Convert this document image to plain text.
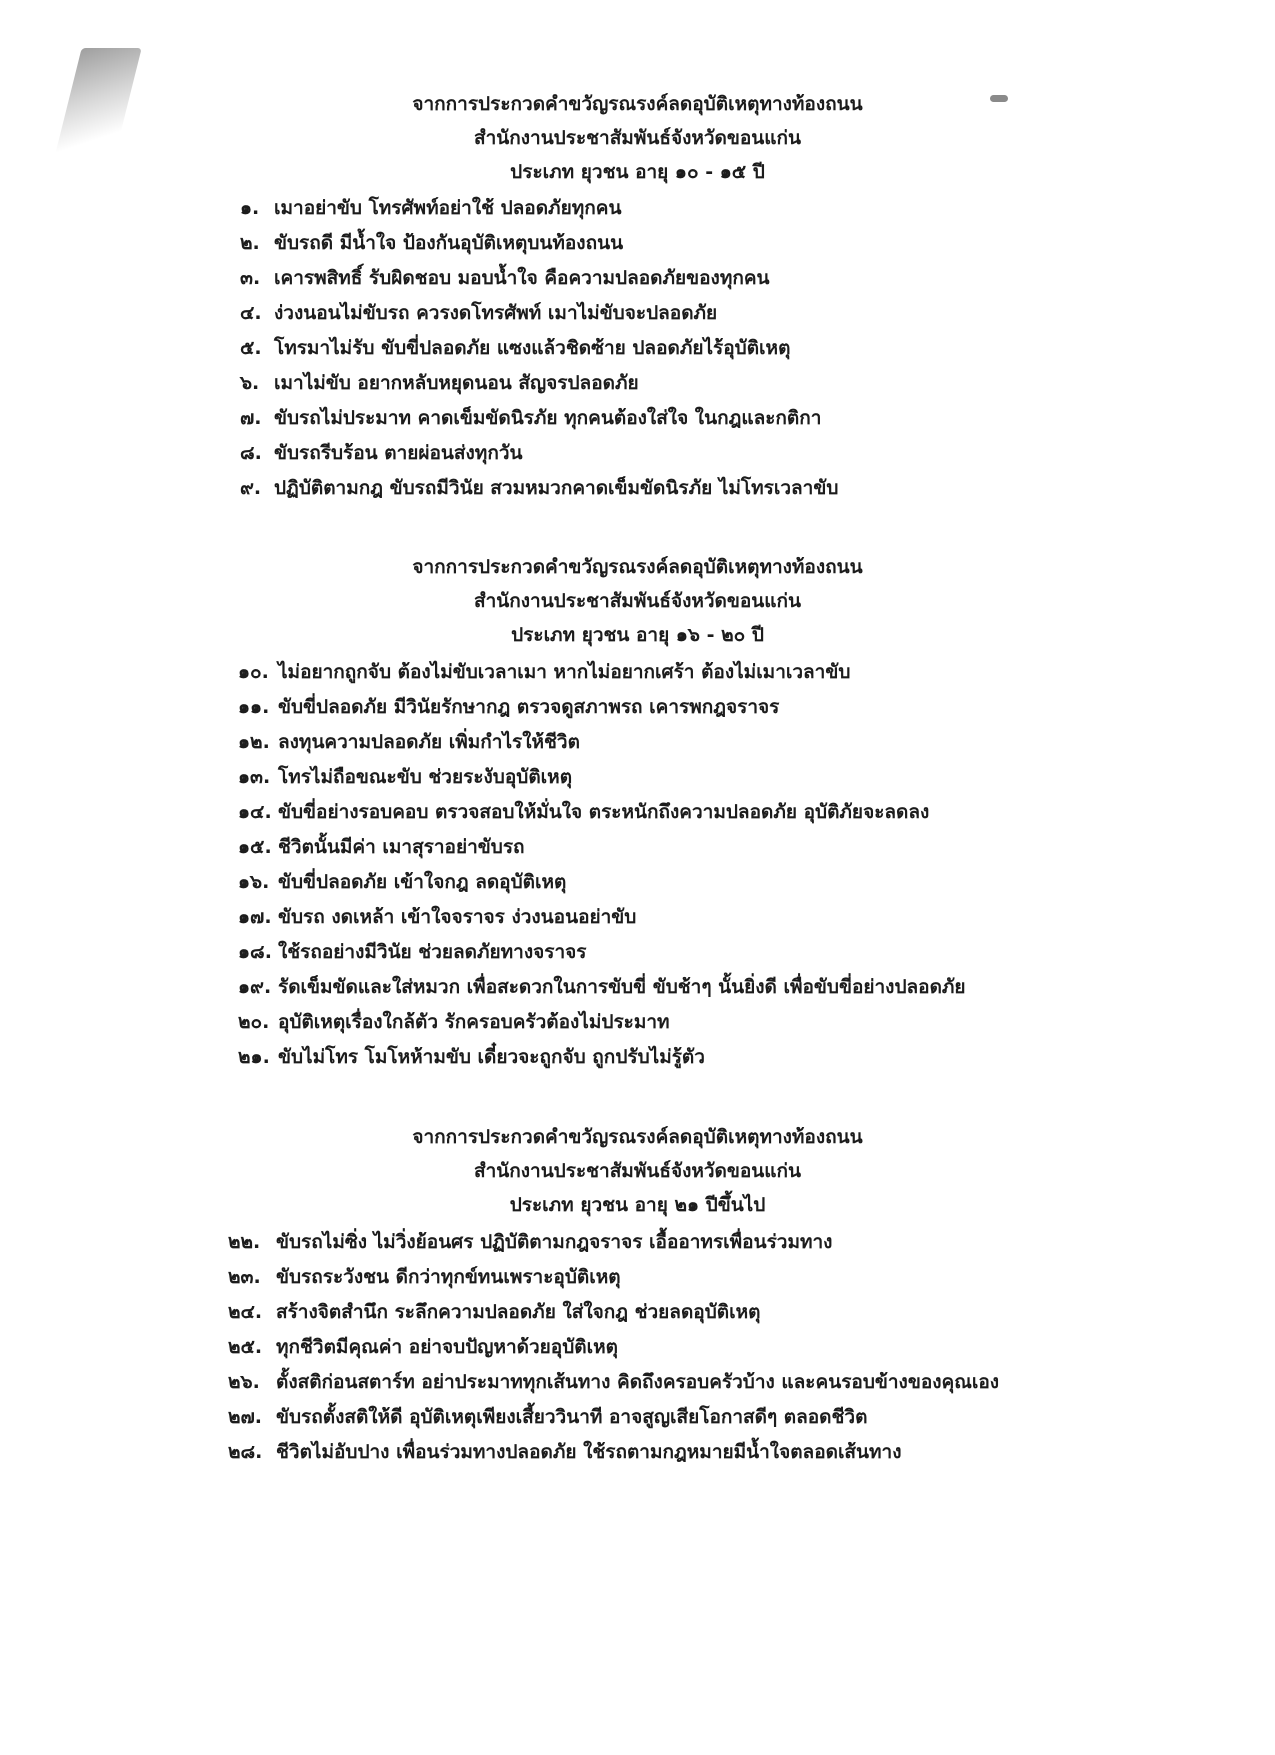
จากการประกวดคำขวัญรณรงค์ลดอุบัติเหตุทางท้องถนน
สำนักงานประชาสัมพันธ์จังหวัดขอนแก่น
ประเภท ยุวชน อายุ ๑๐ - ๑๕ ปี
๑. เมาอย่าขับ โทรศัพท์อย่าใช้ ปลอดภัยทุกคน
๒. ขับรถดี มีน้ำใจ ป้องกันอุบัติเหตุบนท้องถนน
๓. เคารพสิทธิ์ รับผิดชอบ มอบน้ำใจ คือความปลอดภัยของทุกคน
๔. ง่วงนอนไม่ขับรถ ควรงดโทรศัพท์ เมาไม่ขับจะปลอดภัย
๕. โทรมาไม่รับ ขับขี่ปลอดภัย แซงแล้วชิดซ้าย ปลอดภัยไร้อุบัติเหตุ
๖. เมาไม่ขับ อยากหลับหยุดนอน สัญจรปลอดภัย
๗. ขับรถไม่ประมาท คาดเข็มขัดนิรภัย ทุกคนต้องใส่ใจ ในกฎและกติกา
๘. ขับรถรีบร้อน ตายผ่อนส่งทุกวัน
๙. ปฏิบัติตามกฎ ขับรถมีวินัย สวมหมวกคาดเข็มขัดนิรภัย ไม่โทรเวลาขับ
จากการประกวดคำขวัญรณรงค์ลดอุบัติเหตุทางท้องถนน
สำนักงานประชาสัมพันธ์จังหวัดขอนแก่น
ประเภท ยุวชน อายุ ๑๖ - ๒๐ ปี
๑๐. ไม่อยากถูกจับ ต้องไม่ขับเวลาเมา หากไม่อยากเศร้า ต้องไม่เมาเวลาขับ
๑๑. ขับขี่ปลอดภัย มีวินัยรักษากฎ ตรวจดูสภาพรถ เคารพกฎจราจร
๑๒. ลงทุนความปลอดภัย เพิ่มกำไรให้ชีวิต
๑๓. โทรไม่ถือขณะขับ ช่วยระงับอุบัติเหตุ
๑๔. ขับขี่อย่างรอบคอบ ตรวจสอบให้มั่นใจ ตระหนักถึงความปลอดภัย อุบัติภัยจะลดลง
๑๕. ชีวิตนั้นมีค่า เมาสุราอย่าขับรถ
๑๖. ขับขี่ปลอดภัย เข้าใจกฎ ลดอุบัติเหตุ
๑๗. ขับรถ งดเหล้า เข้าใจจราจร ง่วงนอนอย่าขับ
๑๘. ใช้รถอย่างมีวินัย ช่วยลดภัยทางจราจร
๑๙. รัดเข็มขัดและใส่หมวก เพื่อสะดวกในการขับขี่ ขับช้าๆ นั้นยิ่งดี เพื่อขับขี่อย่างปลอดภัย
๒๐. อุบัติเหตุเรื่องใกล้ตัว รักครอบครัวต้องไม่ประมาท
๒๑. ขับไม่โทร โมโหห้ามขับ เดี๋ยวจะถูกจับ ถูกปรับไม่รู้ตัว
จากการประกวดคำขวัญรณรงค์ลดอุบัติเหตุทางท้องถนน
สำนักงานประชาสัมพันธ์จังหวัดขอนแก่น
ประเภท ยุวชน อายุ ๒๑ ปีขึ้นไป
๒๒. ขับรถไม่ซิ่ง ไม่วิ่งย้อนศร ปฏิบัติตามกฎจราจร เอื้ออาทรเพื่อนร่วมทาง
๒๓. ขับรถระวังชน ดีกว่าทุกข์ทนเพราะอุบัติเหตุ
๒๔. สร้างจิตสำนึก ระลึกความปลอดภัย ใส่ใจกฎ ช่วยลดอุบัติเหตุ
๒๕. ทุกชีวิตมีคุณค่า อย่าจบปัญหาด้วยอุบัติเหตุ
๒๖. ตั้งสติก่อนสตาร์ท อย่าประมาททุกเส้นทาง คิดถึงครอบครัวบ้าง และคนรอบข้างของคุณเอง
๒๗. ขับรถตั้งสติให้ดี อุบัติเหตุเพียงเสี้ยววินาที อาจสูญเสียโอกาสดีๆ ตลอดชีวิต
๒๘. ชีวิตไม่อับปาง เพื่อนร่วมทางปลอดภัย ใช้รถตามกฎหมายมีน้ำใจตลอดเส้นทาง
